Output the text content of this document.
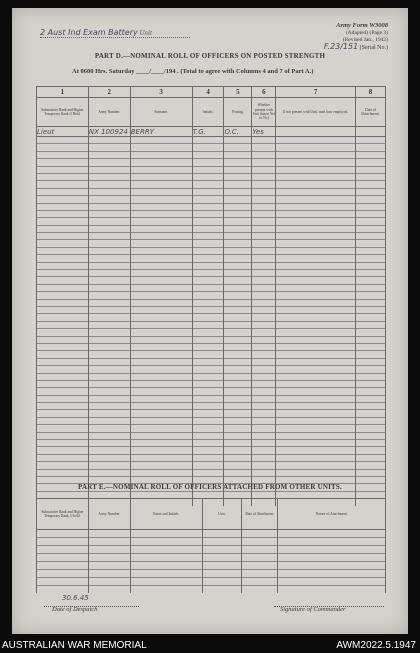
2 Aust Ind Exam Battery Unit
Army Form W3008
(Adapted) (Page 3)
(Revised Jan., 1942)
F.23/151 (Serial No.)
PART D.—NOMINAL ROLL OF OFFICERS ON POSTED STRENGTH
At 0600 Hrs. Saturday ____/____/194 . (Total to agree with Columns 4 and 7 of Part A.)
1	2	3	4	5	6	7	8
Substantive Rank and Higher Temporary Rank if Held.	Army Number.	Surname.	Initials.	Posting.	Whether present with Unit (insert Yes or No)	If not present with Unit, state how employed.	Date of Detachment.
Lieut	NX 100924	BERRY	T.G.	O.C.	Yes		

PART E.—NOMINAL ROLL OF OFFICERS ATTACHED FROM OTHER UNITS.
Substantive Rank and Higher Temporary Rank, if held.	Army Number.	Name and Initials.	Unit.	Date of Attachment.	Nature of Attachment.

30.6.45
Date of Despatch	Signature of Commander
AUSTRALIAN WAR MEMORIAL	AWM2022.5.1947
